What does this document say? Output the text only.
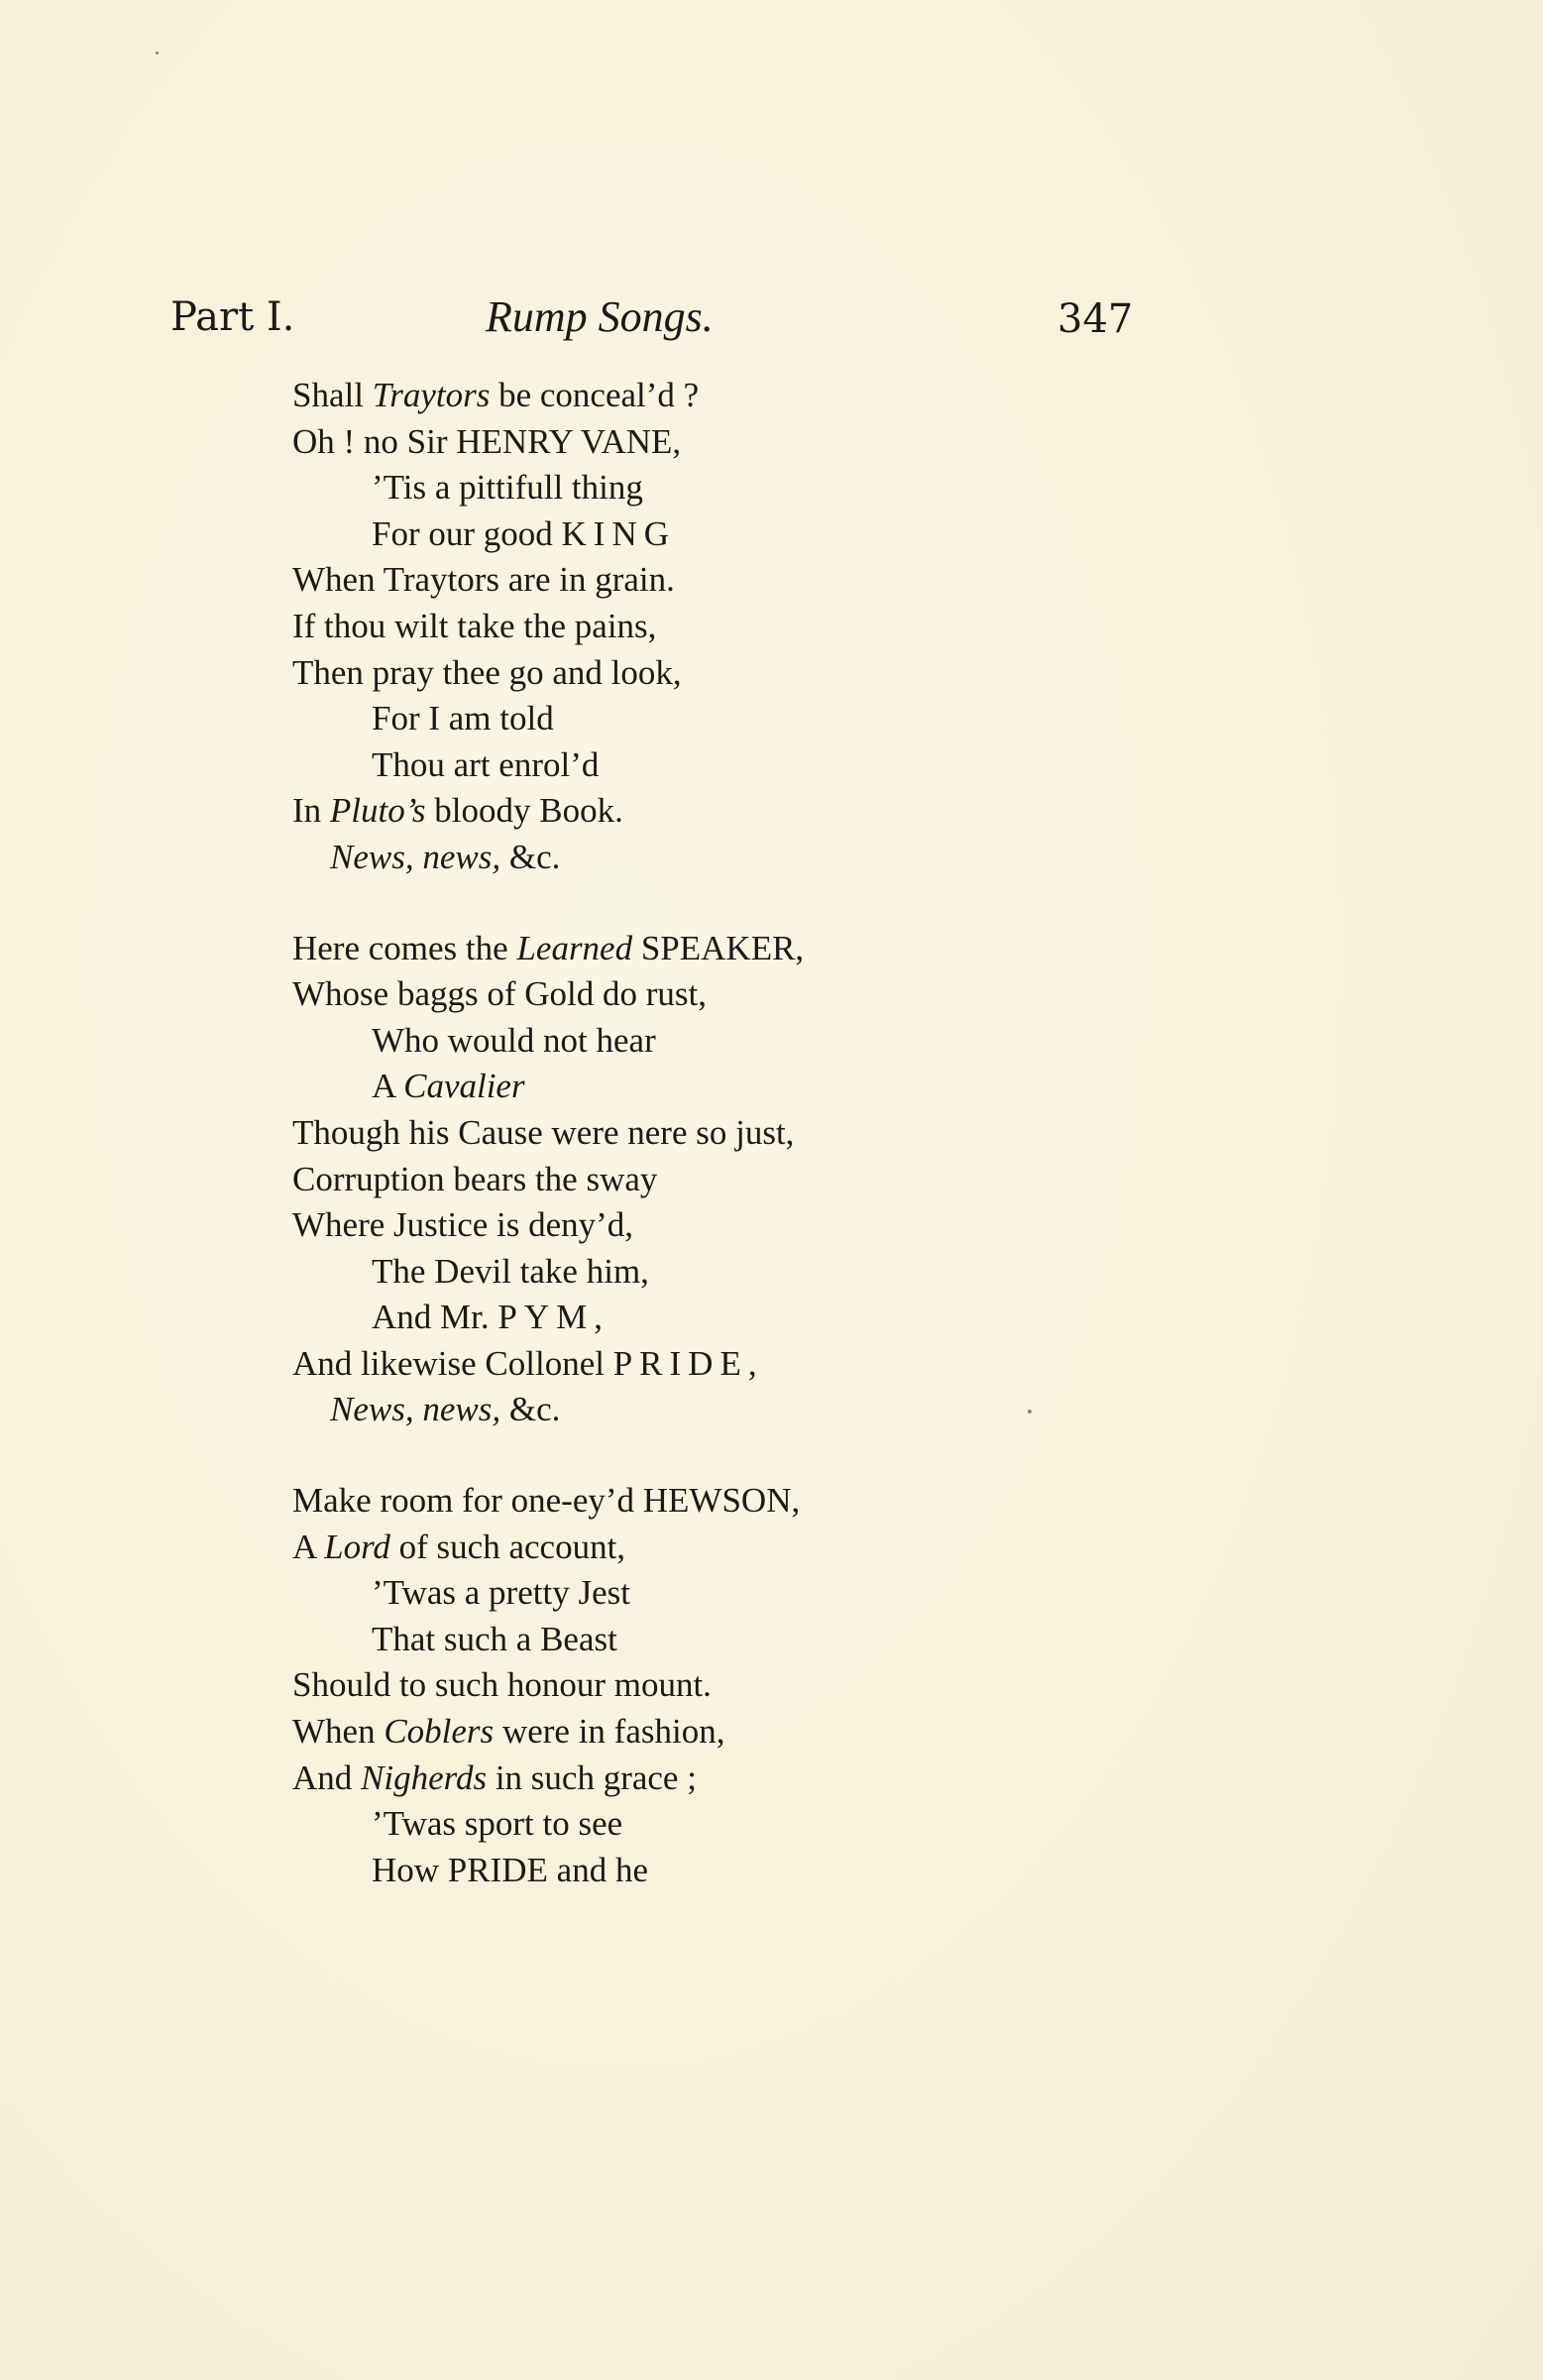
Part I.	Rump Songs.	347
Shall Traytors be conceal’d ?
Oh ! no Sir HENRY VANE,
’Tis a pittifull thing
For our good KING
When Traytors are in grain.
If thou wilt take the pains,
Then pray thee go and look,
For I am told
Thou art enrol’d
In Pluto’s bloody Book.
News, news, &c.
Here comes the Learned SPEAKER,
Whose baggs of Gold do rust,
Who would not hear
A Cavalier
Though his Cause were nere so just,
Corruption bears the sway
Where Justice is deny’d,
The Devil take him,
And Mr. PYM,
And likewise Collonel PRIDE,
News, news, &c.
Make room for one-ey’d HEWSON,
A Lord of such account,
’Twas a pretty Jest
That such a Beast
Should to such honour mount.
When Coblers were in fashion,
And Nigherds in such grace ;
’Twas sport to see
How PRIDE and he
